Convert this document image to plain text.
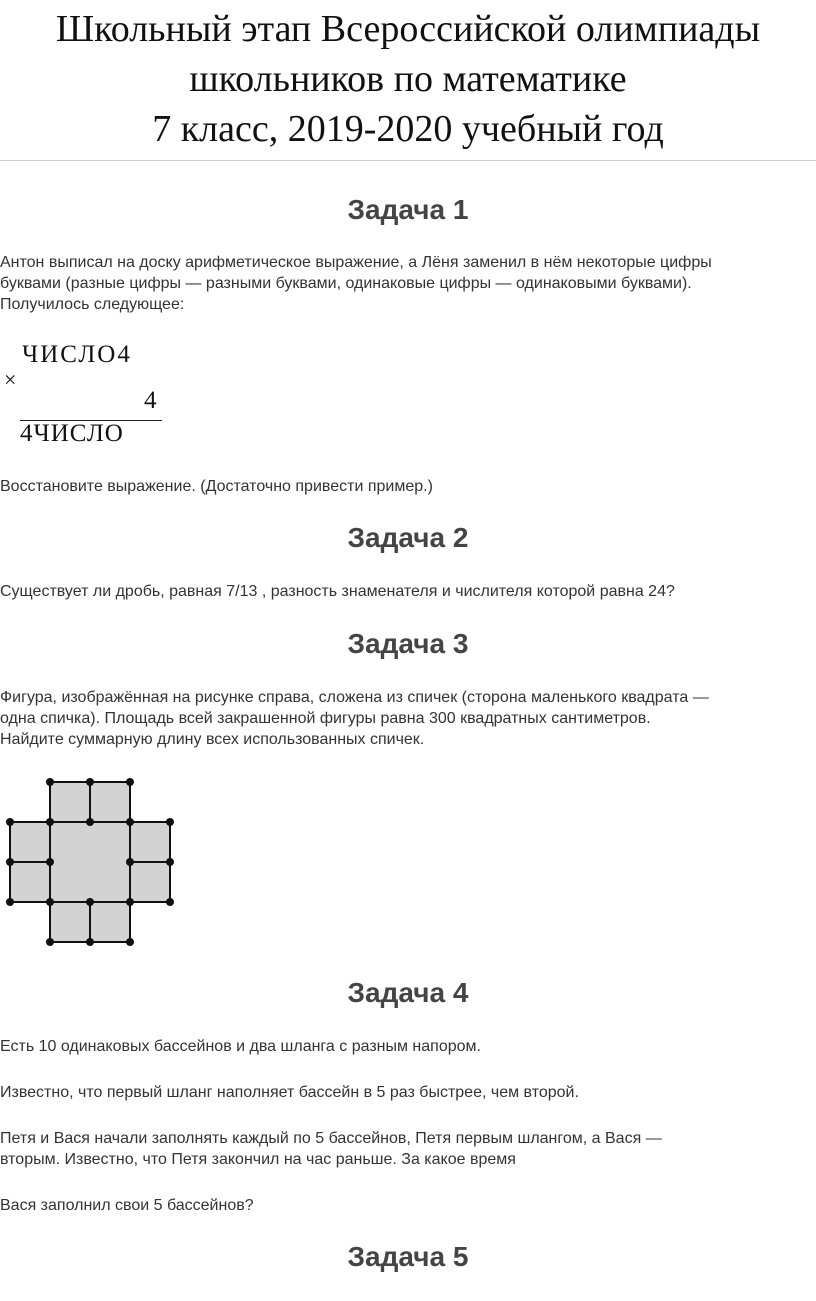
Школьный этап Всероссийской олимпиады
школьников по математике
7 класс, 2019-2020 учебный год
Задача 1
Антон выписал на доску арифметическое выражение, а Лёня заменил в нём некоторые цифры
буквами (разные цифры — разными буквами, одинаковые цифры — одинаковыми буквами).
Получилось следующее:
ЧИСЛО4
×
4
4ЧИСЛО
Восстановите выражение. (Достаточно привести пример.)
Задача 2
Существует ли дробь, равная 7/13 , разность знаменателя и числителя которой равна 24?
Задача 3
Фигура, изображённая на рисунке справа, сложена из спичек (сторона маленького квадрата —
одна спичка). Площадь всей закрашенной фигуры равна 300 квадратных сантиметров.
Найдите суммарную длину всех использованных спичек.
Задача 4
Есть 10 одинаковых бассейнов и два шланга с разным напором.
Известно, что первый шланг наполняет бассейн в 5 раз быстрее, чем второй.
Петя и Вася начали заполнять каждый по 5 бассейнов, Петя первым шлангом, а Вася —
вторым. Известно, что Петя закончил на час раньше. За какое время
Вася заполнил свои 5 бассейнов?
Задача 5
